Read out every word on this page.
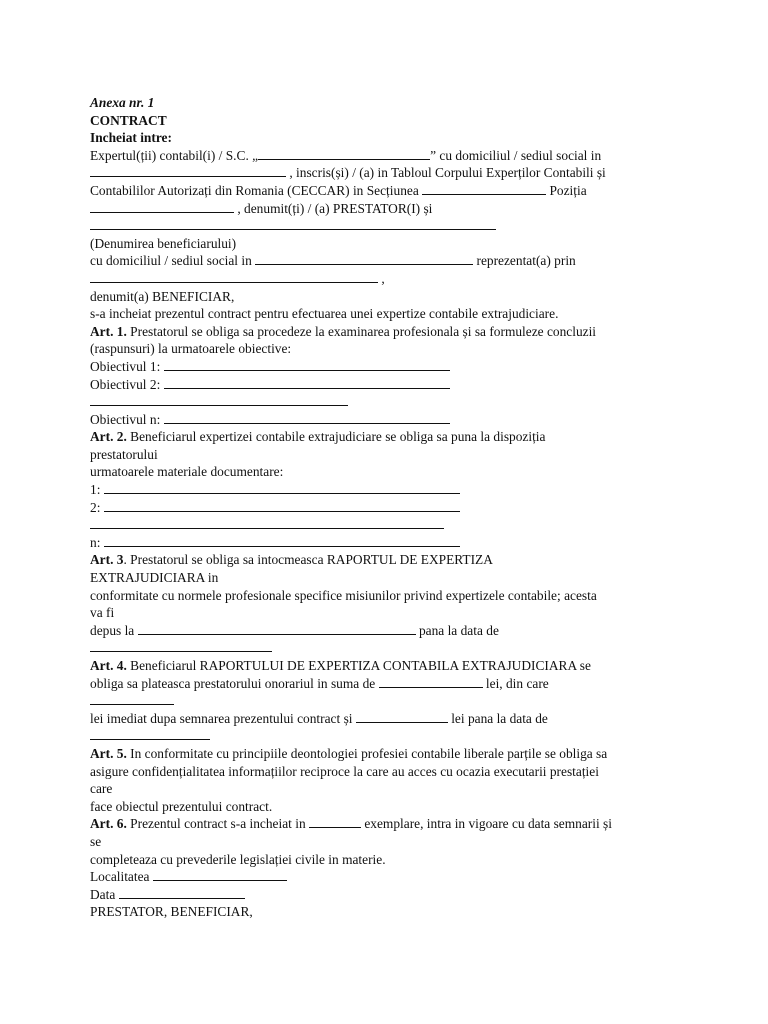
Anexa nr. 1
CONTRACT
Incheiat intre:
Expertul(ții) contabil(i) / S.C. „	” cu domiciliul / sediul social in
, inscris(și) / (a) in Tabloul Corpului Experților Contabili și
Contabililor Autorizați din Romania (CECCAR) in Secțiunea	Poziția
, denumit(ți) / (a) PRESTATOR(I) și
(Denumirea beneficiarului)
cu domiciliul / sediul social in	reprezentat(a) prin
,
denumit(a) BENEFICIAR,
s-a incheiat prezentul contract pentru efectuarea unei expertize contabile extrajudiciare.
Art. 1. Prestatorul se obliga sa procedeze la examinarea profesionala și sa formuleze concluzii
(raspunsuri) la urmatoarele obiective:
Obiectivul 1:
Obiectivul 2:
Obiectivul n:
Art. 2. Beneficiarul expertizei contabile extrajudiciare se obliga sa puna la dispoziția
prestatorului
urmatoarele materiale documentare:
1:
2:
n:
Art. 3. Prestatorul se obliga sa intocmeasca RAPORTUL DE EXPERTIZA
EXTRAJUDICIARA in
conformitate cu normele profesionale specifice misiunilor privind expertizele contabile; acesta
va fi
depus la	pana la data de
Art. 4. Beneficiarul RAPORTULUI DE EXPERTIZA CONTABILA EXTRAJUDICIARA se
obliga sa plateasca prestatorului onorariul in suma de	lei, din care
lei imediat dupa semnarea prezentului contract și	lei pana la data de
Art. 5. In conformitate cu principiile deontologiei profesiei contabile liberale parțile se obliga sa
asigure confidențialitatea informațiilor reciproce la care au acces cu ocazia executarii prestației
care
face obiectul prezentului contract.
Art. 6. Prezentul contract s-a incheiat in	exemplare, intra in vigoare cu data semnarii și
se
completeaza cu prevederile legislației civile in materie.
Localitatea
Data
PRESTATOR, BENEFICIAR,
